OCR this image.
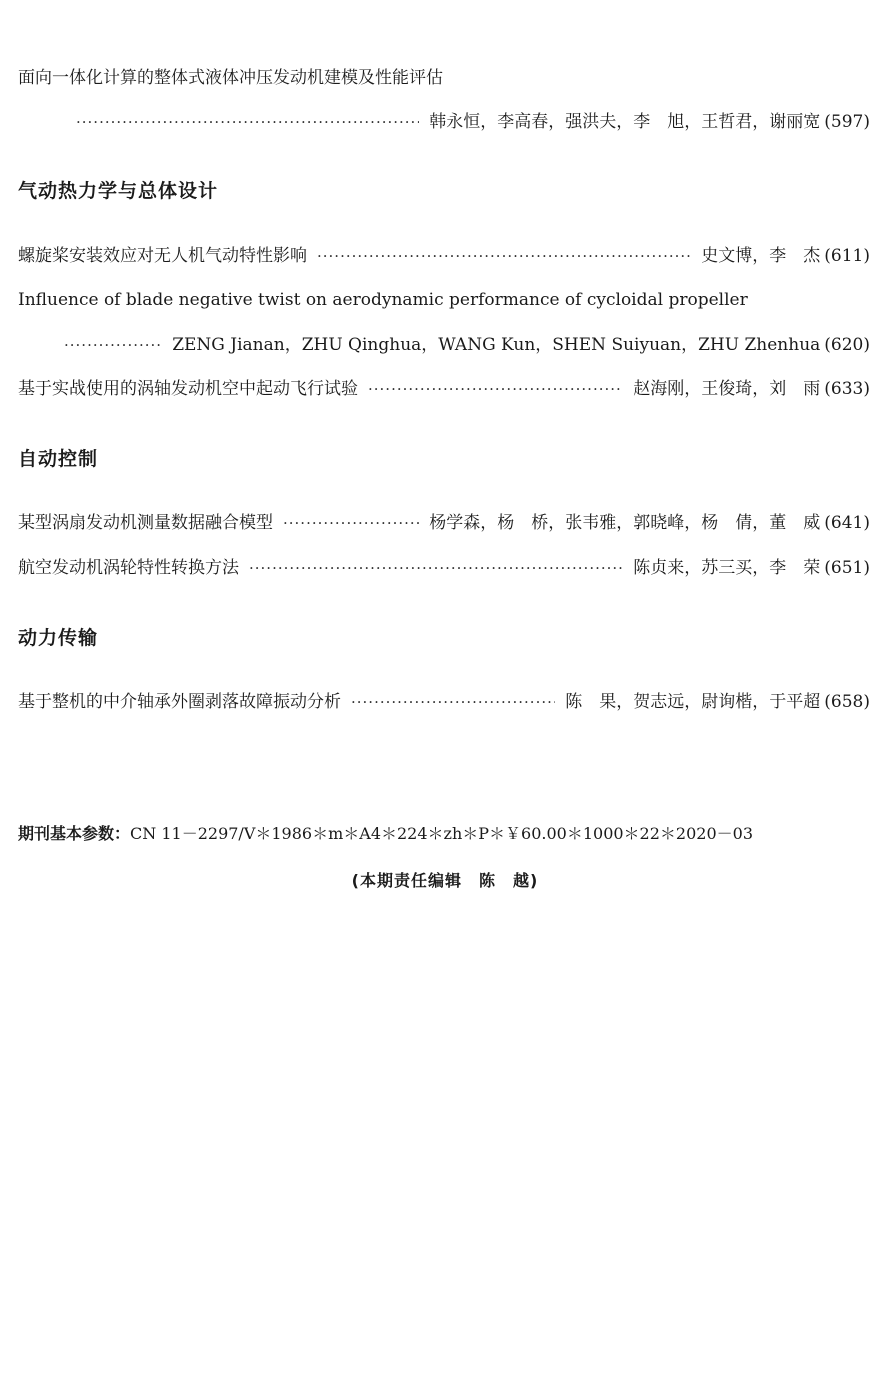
面向一体化计算的整体式液体冲压发动机建模及性能评估
·····
韩永恒，李高春，强洪夫，李　旭，王哲君，谢丽宽 (597)
气动热力学与总体设计
螺旋桨安装效应对无人机气动特性影响 ·····	史文博，李　杰 (611)
Influence of blade negative twist on aerodynamic performance of cycloidal propeller
·····
ZENG Jianan，ZHU Qinghua，WANG Kun，SHEN Suiyuan，ZHU Zhenhua (620)
基于实战使用的涡轴发动机空中起动飞行试验 ·····	赵海刚，王俊琦，刘　雨 (633)
自动控制
某型涡扇发动机测量数据融合模型 ·····	杨学森，杨　桥，张韦雅，郭晓峰，杨　倩，董　威 (641)
航空发动机涡轮特性转换方法 ·····	陈贞来，苏三买，李　荣 (651)
动力传输
基于整机的中介轴承外圈剥落故障振动分析 ·····	陈　果，贺志远，尉询楷，于平超 (658)
期刊基本参数：CN 11－2297/V＊1986＊m＊A4＊224＊zh＊P＊￥60.00＊1000＊22＊2020－03
(本期责任编辑　陈　越)
